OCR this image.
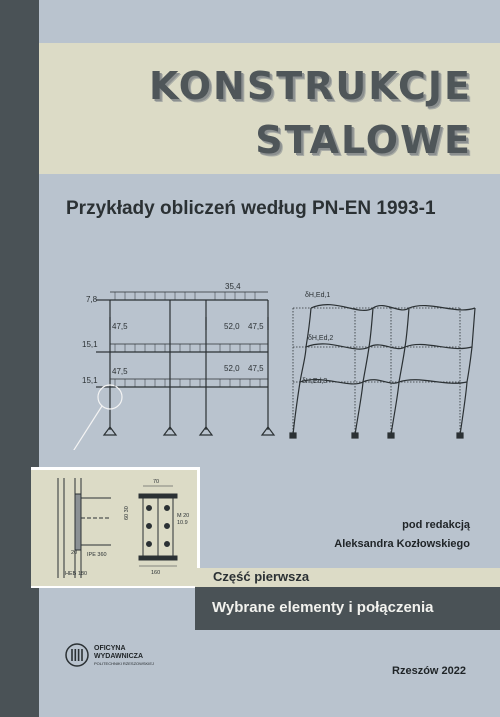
KONSTRUKCJE
STALOWE
Przykłady obliczeń według PN-EN 1993-1
7,8
35,4
15,1
15,1
47,5	52,0 47,5
47,5	52,0 47,5
δH,Ed,1
δH,Ed,2
δH,Ed,3
70
60 30	M 20
10.9
160
IPE 360
HEB 180
20
pod redakcją
Aleksandra Kozłowskiego
Część pierwsza
Wybrane elementy i połączenia
OFICYNA
WYDAWNICZA
POLITECHNIKI RZESZOWSKIEJ
Rzeszów 2022
